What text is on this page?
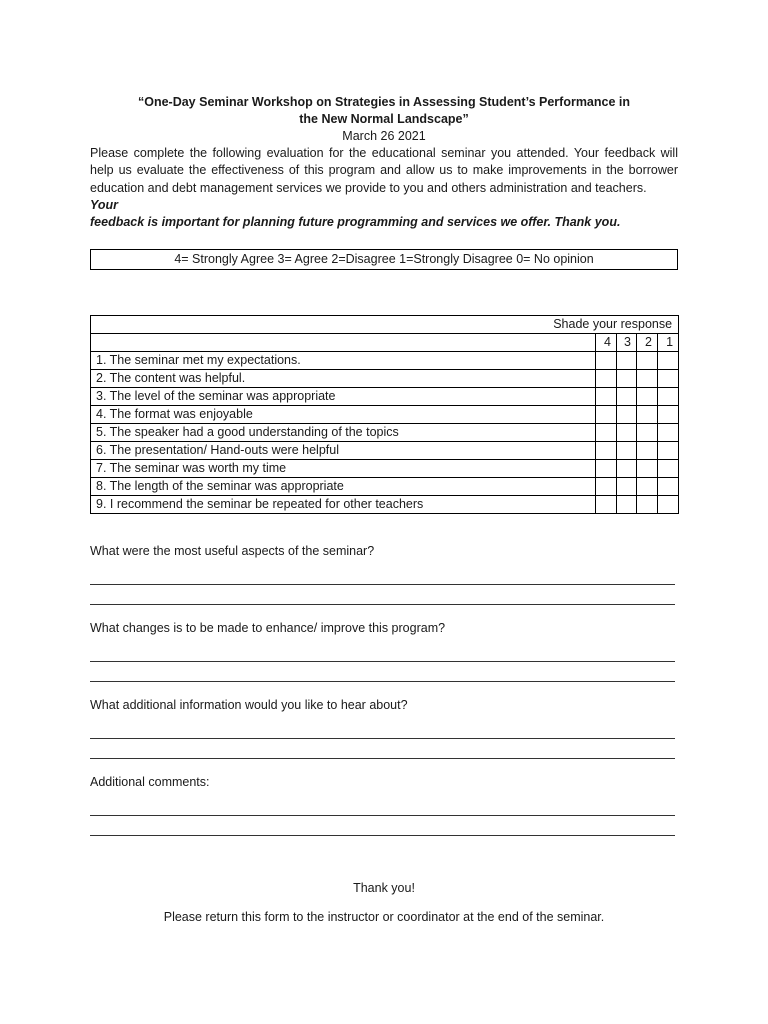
“One-Day Seminar Workshop on Strategies in Assessing Student’s Performance in
the New Normal Landscape”
March 26 2021
Please complete the following evaluation for the educational seminar you attended. Your feedback will help us evaluate the effectiveness of this program and allow us to make improvements in the borrower education and debt management services we provide to you and others administration and teachers.
Your
feedback is important for planning future programming and services we offer. Thank you.
4= Strongly Agree 3= Agree 2=Disagree 1=Strongly Disagree 0= No opinion
Shade your response				
	4	3	2	1
1. The seminar met my expectations.				
2. The content was helpful.				
3. The level of the seminar was appropriate				
4. The format was enjoyable				
5. The speaker had a good understanding of the topics				
6. The presentation/ Hand-outs were helpful				
7. The seminar was worth my time				
8. The length of the seminar was appropriate				
9. I recommend the seminar be repeated for other teachers				
What were the most useful aspects of the seminar?
What changes is to be made to enhance/ improve this program?
What additional information would you like to hear about?
Additional comments:
Thank you!
Please return this form to the instructor or coordinator at the end of the seminar.
